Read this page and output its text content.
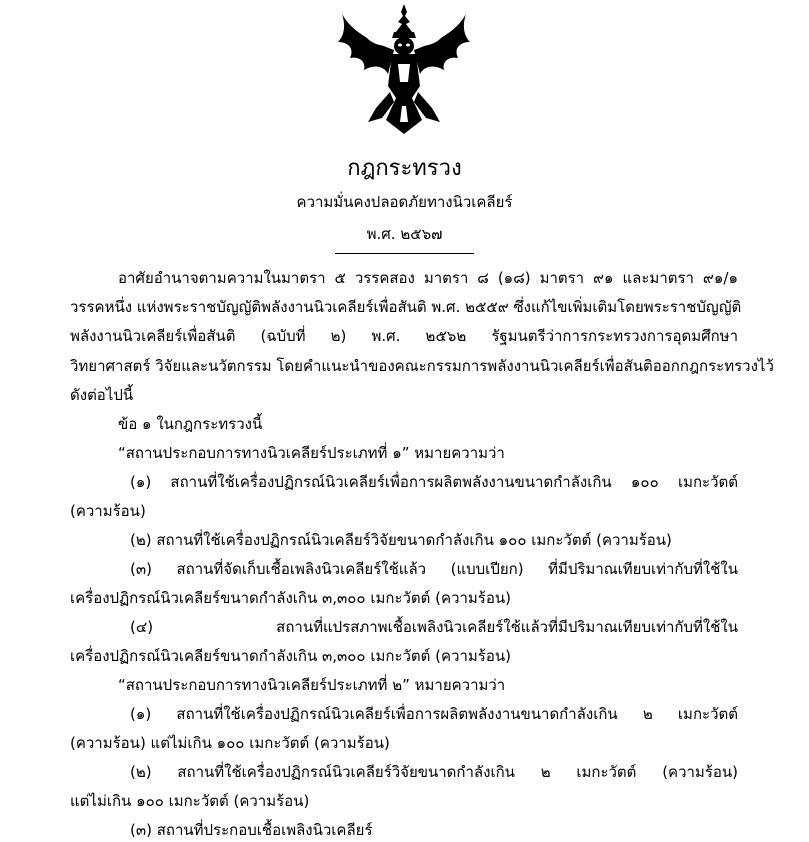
กฎกระทรวง
ความมั่นคงปลอดภัยทางนิวเคลียร์
พ.ศ. ๒๕๖๗
อาศัยอำนาจตามความในมาตรา ๕ วรรคสอง มาตรา ๘ (๑๘) มาตรา ๙๑ และมาตรา ๙๑/๑
วรรคหนึ่ง แห่งพระราชบัญญัติพลังงานนิวเคลียร์เพื่อสันติ พ.ศ. ๒๕๕๙ ซึ่งแก้ไขเพิ่มเติมโดยพระราชบัญญัติ
พลังงานนิวเคลียร์เพื่อสันติ (ฉบับที่ ๒) พ.ศ. ๒๕๖๒ รัฐมนตรีว่าการกระทรวงการอุดมศึกษา
วิทยาศาสตร์ วิจัยและนวัตกรรม โดยคำแนะนำของคณะกรรมการพลังงานนิวเคลียร์เพื่อสันติออกกฎกระทรวงไว้
ดังต่อไปนี้
ข้อ ๑ ในกฎกระทรวงนี้
“สถานประกอบการทางนิวเคลียร์ประเภทที่ ๑” หมายความว่า
(๑) สถานที่ใช้เครื่องปฏิกรณ์นิวเคลียร์เพื่อการผลิตพลังงานขนาดกำลังเกิน ๑๐๐ เมกะวัตต์
(ความร้อน)
(๒) สถานที่ใช้เครื่องปฏิกรณ์นิวเคลียร์วิจัยขนาดกำลังเกิน ๑๐๐ เมกะวัตต์ (ความร้อน)
(๓) สถานที่จัดเก็บเชื้อเพลิงนิวเคลียร์ใช้แล้ว (แบบเปียก) ที่มีปริมาณเทียบเท่ากับที่ใช้ใน
เครื่องปฏิกรณ์นิวเคลียร์ขนาดกำลังเกิน ๓,๓๐๐ เมกะวัตต์ (ความร้อน)
(๔) สถานที่แปรสภาพเชื้อเพลิงนิวเคลียร์ใช้แล้วที่มีปริมาณเทียบเท่ากับที่ใช้ใน
เครื่องปฏิกรณ์นิวเคลียร์ขนาดกำลังเกิน ๓,๓๐๐ เมกะวัตต์ (ความร้อน)
“สถานประกอบการทางนิวเคลียร์ประเภทที่ ๒” หมายความว่า
(๑) สถานที่ใช้เครื่องปฏิกรณ์นิวเคลียร์เพื่อการผลิตพลังงานขนาดกำลังเกิน ๒ เมกะวัตต์
(ความร้อน) แต่ไม่เกิน ๑๐๐ เมกะวัตต์ (ความร้อน)
(๒) สถานที่ใช้เครื่องปฏิกรณ์นิวเคลียร์วิจัยขนาดกำลังเกิน ๒ เมกะวัตต์ (ความร้อน)
แต่ไม่เกิน ๑๐๐ เมกะวัตต์ (ความร้อน)
(๓) สถานที่ประกอบเชื้อเพลิงนิวเคลียร์
